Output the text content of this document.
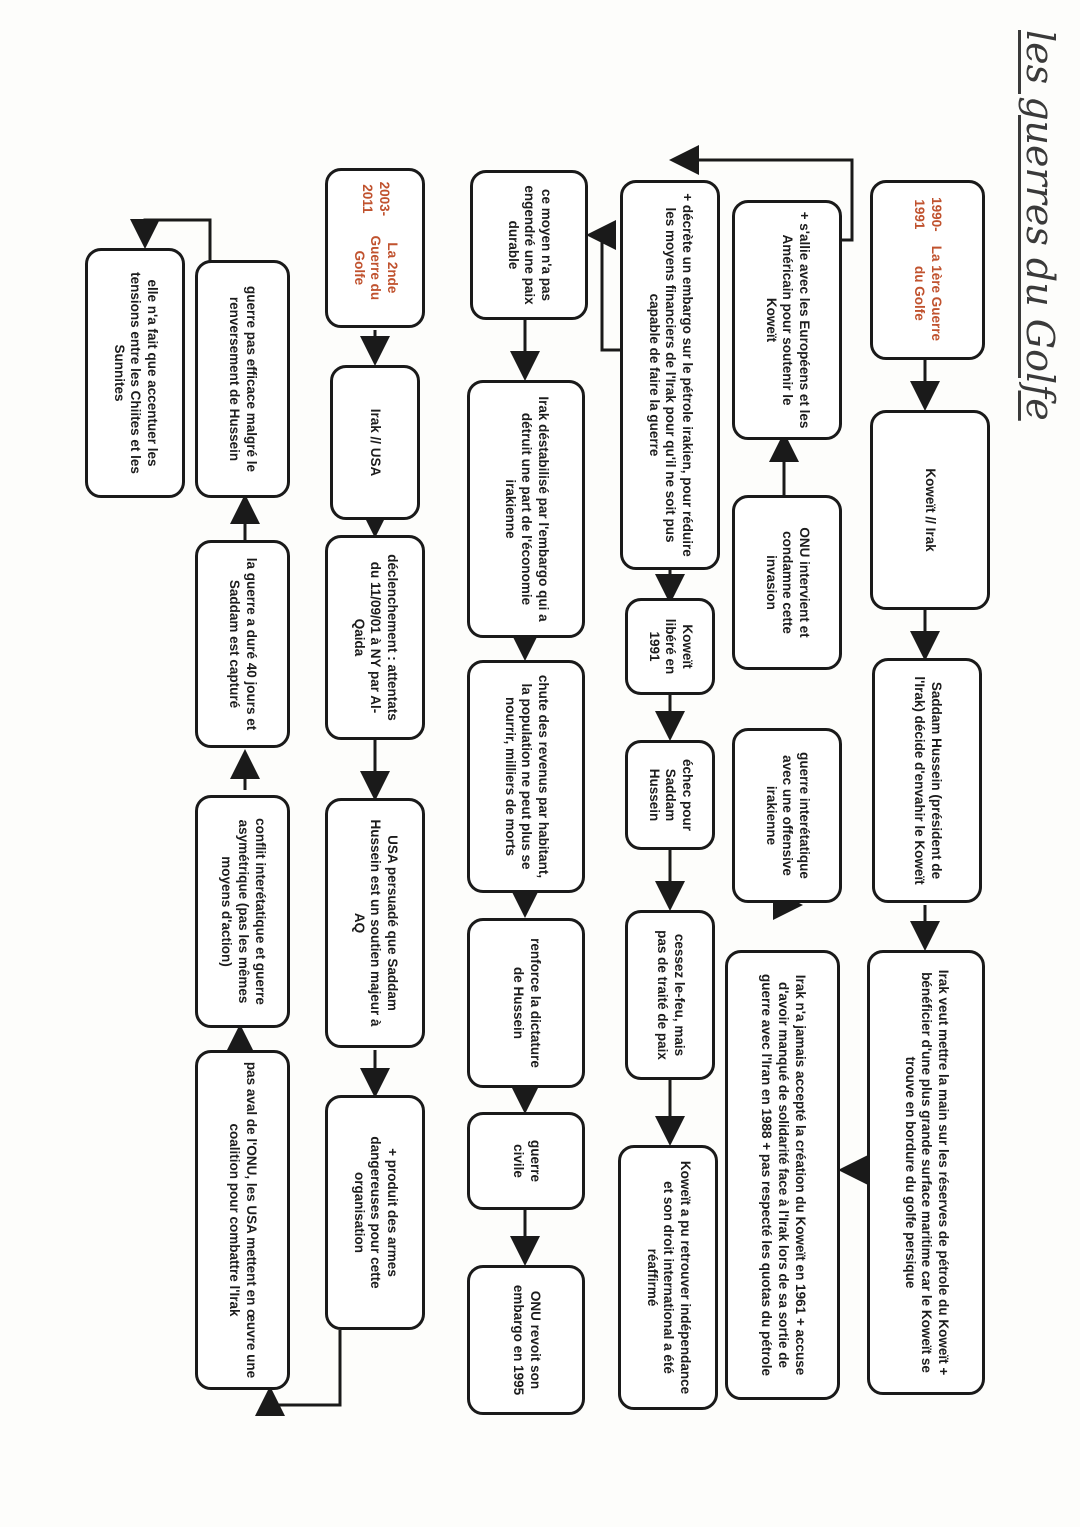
les guerres du Golfe
1990-1991
La 1ère Guerre du Golfe
Koweït // Irak
Saddam Hussein (président de l'Irak) décide d'envahir le Koweït
Irak veut mettre la main sur les réserves de pétrole du Koweït + bénéficier d'une plus grande surface maritime car le Koweït se trouve en bordure du golfe persique
+ s'allie avec les Européens et les Américain pour soutenir le Koweït
ONU intervient et condamne cette invasion
guerre interétatique avec une offensive irakienne
Irak n'a jamais accepté la création du Koweït en 1961 + accuse d'avoir manqué de solidarité face à l'Irak lors de sa sortie de guerre avec l'Iran en 1988 + pas respecté les quotas du pétrole
+ décrète un embargo sur le pétrole irakien, pour réduire les moyens financiers de l'Irak pour qu'il ne soit pus capable de faire la guerre
Koweït libéré en 1991
échec pour Saddam Hussein
cessez le-feu, mais pas de traité de paix
Koweït a pu retrouver indépendance et son droit international a été réaffirmé
ce moyen n'a pas engendré une paix durable
Irak déstabilisé par l'embargo qui a détruit une part de l'économie irakienne
chute des revenus par habitant, la population ne peut plus se nourrir, milliers de morts
renforce la dictature de Hussein
guerre civile
ONU revoit son embargo en 1995
2003-2011
La 2nde Guerre du Golfe
Irak // USA
déclenchement : attentats du 11/09/01 à NY par Al-Qaida
USA persuadé que Saddam Hussein est un soutien majeur à AQ
+ produit des armes dangereuses pour cette organisation
elle n'a fait que accentuer les tensions entre les Chiites et les Sunnites	guerre pas efficace malgré le renversement de Hussein
la guerre a duré 40 jours et Saddam est capturé
conflit interétatique et guerre asymétrique (pas les mêmes moyens d'action)
pas aval de l'ONU, les USA mettent en œuvre une coalition pour combattre l'Irak
